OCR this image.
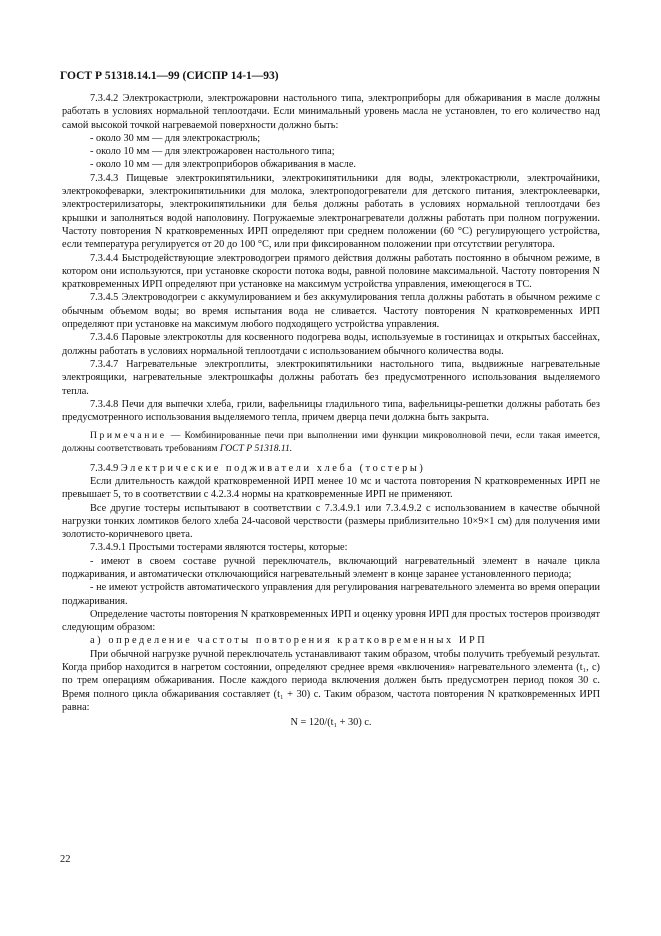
ГОСТ Р 51318.14.1—99 (СИСПР 14-1—93)

7.3.4.2 Электрокастрюли, электрожаровни настольного типа, электроприборы для обжаривания в масле должны работать в условиях нормальной теплоотдачи. Если минимальный уровень масла не установлен, то его количество над самой высокой точкой нагреваемой поверхности должно быть:

- около 30 мм — для электрокастрюль;

- около 10 мм — для электрожаровен настольного типа;

- около 10 мм — для электроприборов обжаривания в масле.

7.3.4.3 Пищевые электрокипятильники, электрокипятильники для воды, электрокастрюли, электрочайники, электрокофеварки, электрокипятильники для молока, электроподогреватели для детского питания, электроклееварки, электростерилизаторы, электрокипятильники для белья должны работать в условиях нормальной теплоотдачи без крышки и заполняться водой наполовину. Погружаемые электронагреватели должны работать при полном погружении. Частоту повторения N кратковременных ИРП определяют при среднем положении (60 °С) регулирующего устройства, если температура регулируется от 20 до 100 °С, или при фиксированном положении при отсутствии регулятора.

7.3.4.4 Быстродействующие электроводогреи прямого действия должны работать постоянно в обычном режиме, в котором они используются, при установке скорости потока воды, равной половине максимальной. Частоту повторения N кратковременных ИРП определяют при установке на максимум устройства управления, имеющегося в ТС.

7.3.4.5 Электроводогреи с аккумулированием и без аккумулирования тепла должны работать в обычном режиме с обычным объемом воды; во время испытания вода не сливается. Частоту повторения N кратковременных ИРП определяют при установке на максимум любого подходящего устройства управления.

7.3.4.6 Паровые электрокотлы для косвенного подогрева воды, используемые в гостиницах и открытых бассейнах, должны работать в условиях нормальной теплоотдачи с использованием обычного количества воды.

7.3.4.7 Нагревательные электроплиты, электрокипятильники настольного типа, выдвижные нагревательные электроящики, нагревательные электрошкафы должны работать без предусмотренного использования выделяемого тепла.

7.3.4.8 Печи для выпечки хлеба, грили, вафельницы гладильного типа, вафельницы-решетки должны работать без предусмотренного использования выделяемого тепла, причем дверца печи должна быть закрыта.

Примечание — Комбинированные печи при выполнении ими функции микроволновой печи, если такая имеется, должны соответствовать требованиям ГОСТ Р 51318.11.

7.3.4.9 Электрические подживатели хлеба (тостеры)

Если длительность каждой кратковременной ИРП менее 10 мс и частота повторения N кратковременных ИРП не превышает 5, то в соответствии с 4.2.3.4 нормы на кратковременные ИРП не применяют.

Все другие тостеры испытывают в соответствии с 7.3.4.9.1 или 7.3.4.9.2 с использованием в качестве обычной нагрузки тонких ломтиков белого хлеба 24-часовой черствости (размеры приблизительно 10×9×1 см) для получения ими золотисто-коричневого цвета.

7.3.4.9.1 Простыми тостерами являются тостеры, которые:

- имеют в своем составе ручной переключатель, включающий нагревательный элемент в начале цикла поджаривания, и автоматически отключающийся нагревательный элемент в конце заранее установленного периода;

- не имеют устройств автоматического управления для регулирования нагревательного элемента во время операции поджаривания.

Определение частоты повторения N кратковременных ИРП и оценку уровня ИРП для простых тостеров производят следующим образом:

а) определение частоты повторения кратковременных ИРП

При обычной нагрузке ручной переключатель устанавливают таким образом, чтобы получить требуемый результат. Когда прибор находится в нагретом состоянии, определяют среднее время «включения» нагревательного элемента (t₁, с) по трем операциям обжаривания. После каждого периода включения должен быть предусмотрен период покоя 30 с. Время полного цикла обжаривания составляет (t₁ + 30) с. Таким образом, частота повторения N кратковременных ИРП равна:

N = 120/(t₁ + 30) с.

22
